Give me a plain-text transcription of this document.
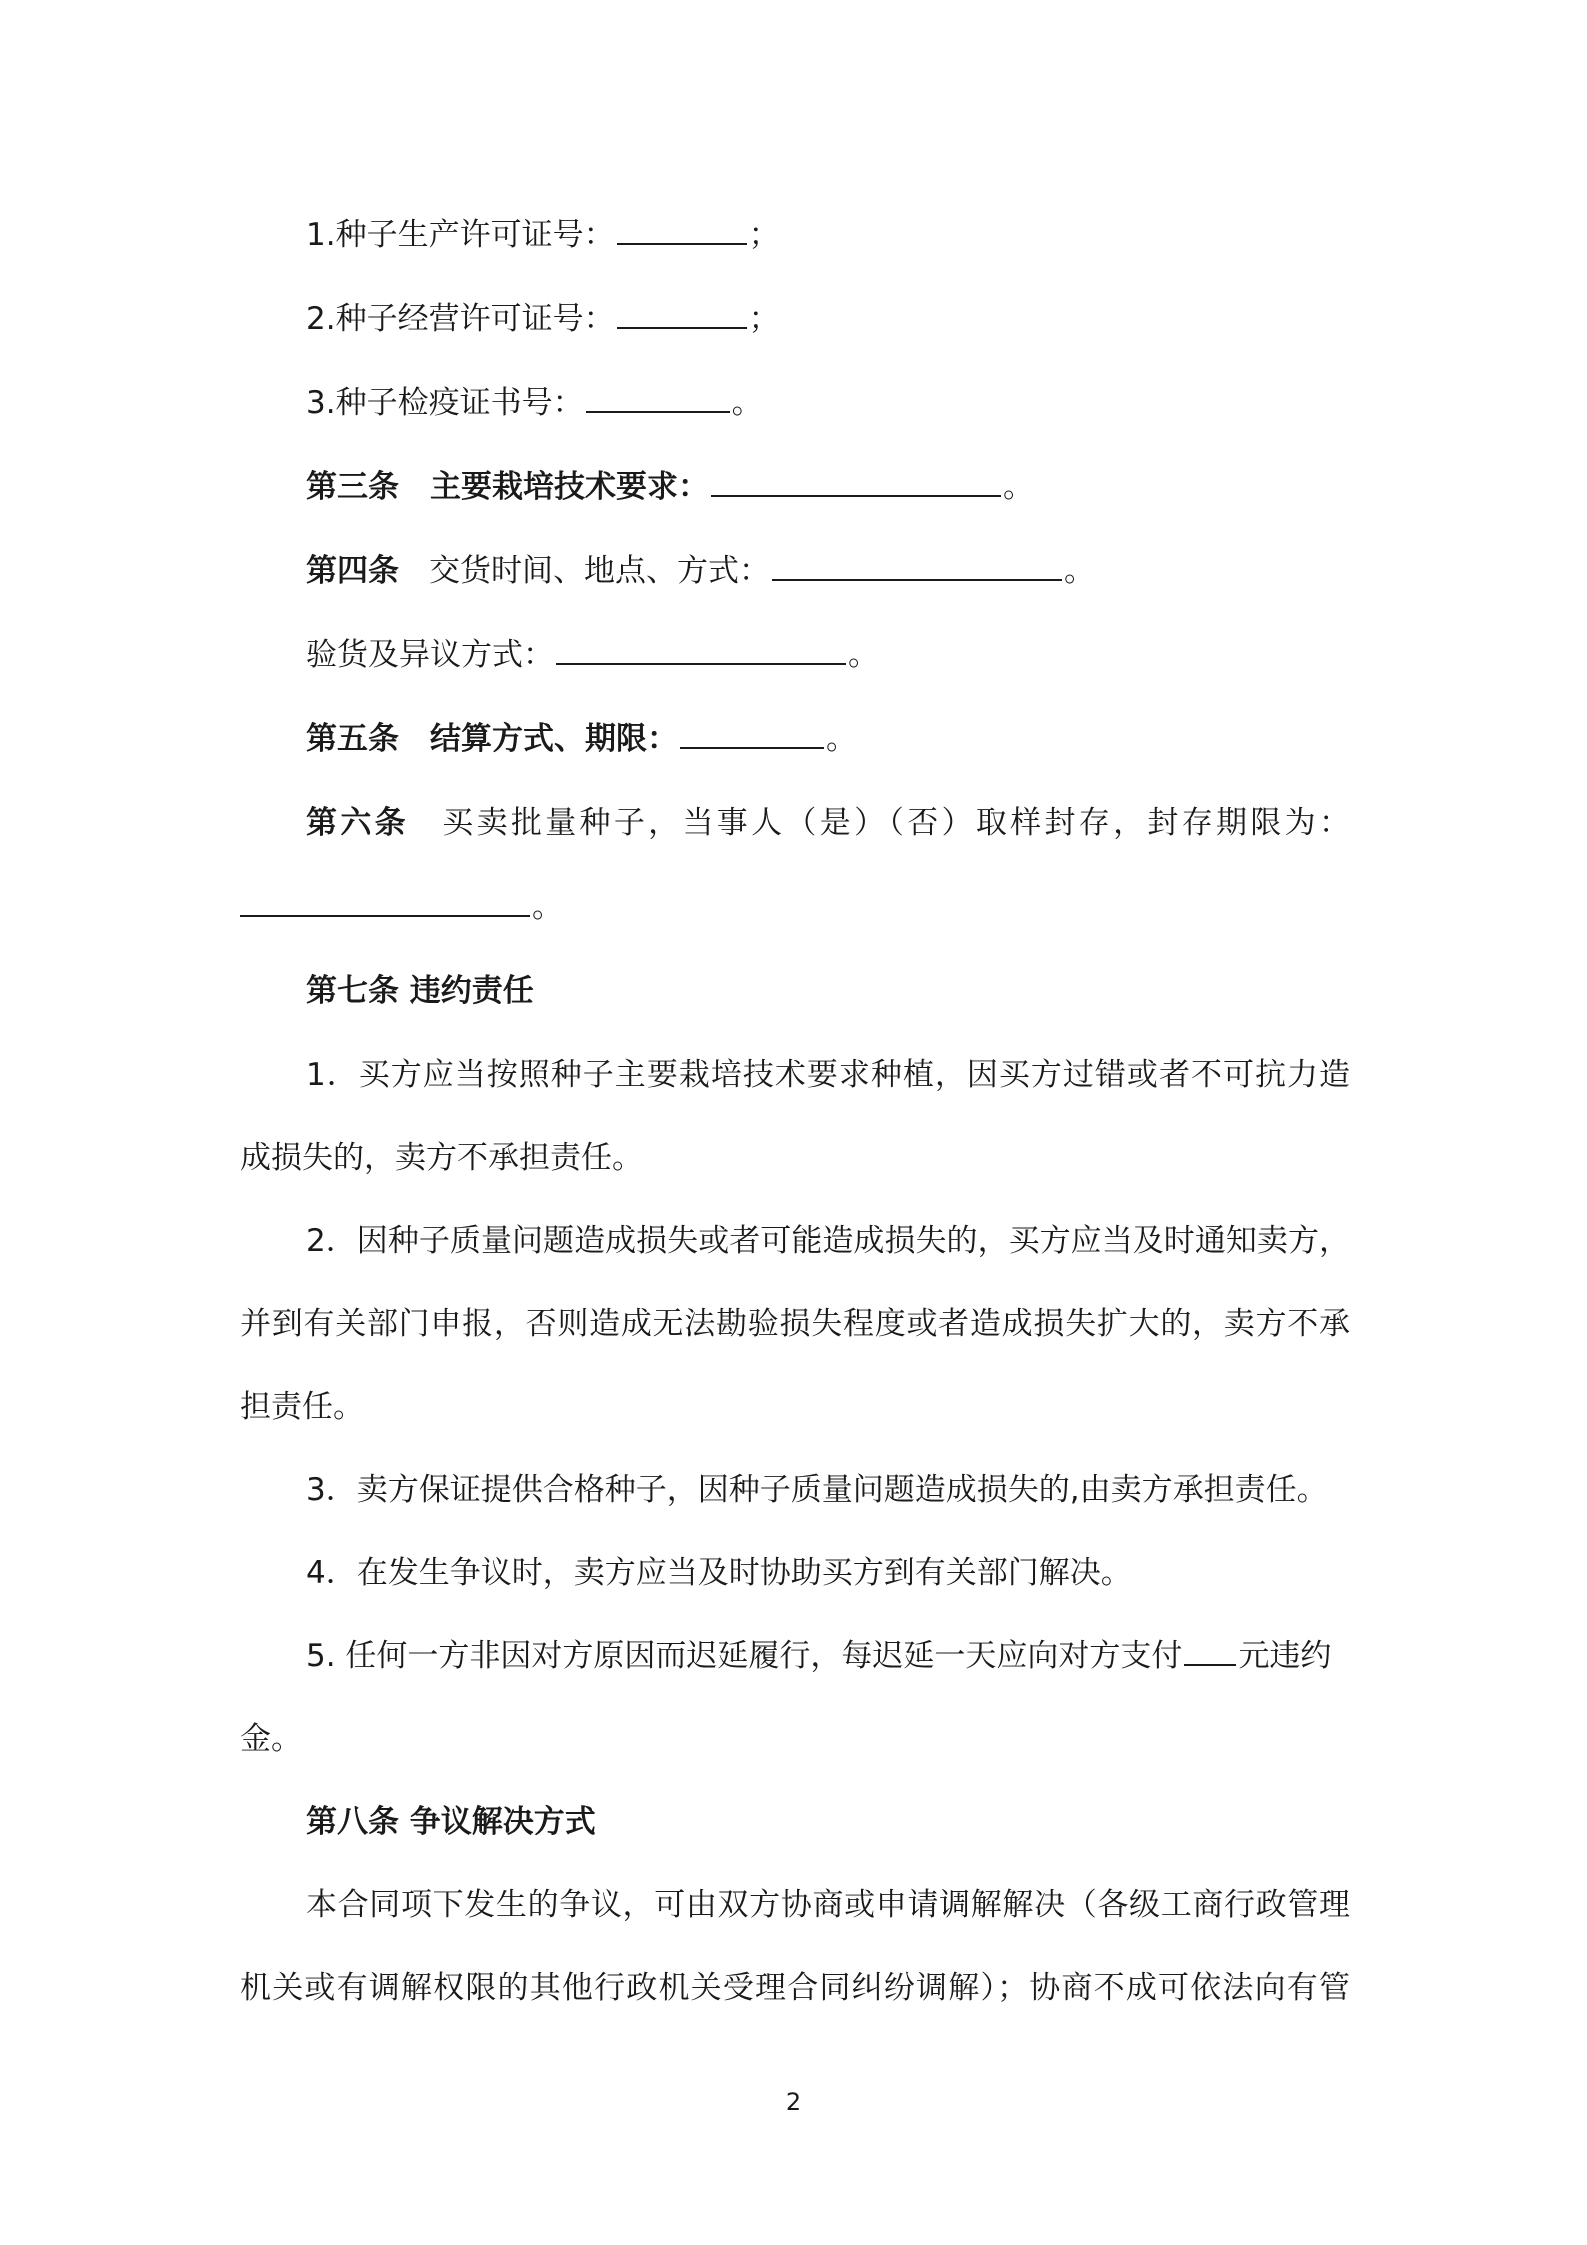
1.种子生产许可证号：	；
2.种子经营许可证号：	；
3.种子检疫证书号：	。
第三条　主要栽培技术要求：	。
第四条 交货时间、地点、方式：	。
验货及异议方式：	。
第五条　结算方式、期限：	。
第六条 买卖批量种子，当事人（是）（否）取样封存，封存期限为：
。
第七条 违约责任
1．买方应当按照种子主要栽培技术要求种植，因买方过错或者不可抗力造
成损失的，卖方不承担责任。
2．因种子质量问题造成损失或者可能造成损失的，买方应当及时通知卖方，
并到有关部门申报，否则造成无法勘验损失程度或者造成损失扩大的，卖方不承
担责任。
3．卖方保证提供合格种子，因种子质量问题造成损失的,由卖方承担责任。
4．在发生争议时，卖方应当及时协助买方到有关部门解决。
5. 任何一方非因对方原因而迟延履行，每迟延一天应向对方支付 元违约
金。
第八条 争议解决方式
本合同项下发生的争议，可由双方协商或申请调解解决（各级工商行政管理
机关或有调解权限的其他行政机关受理合同纠纷调解）；协商不成可依法向有管
2
